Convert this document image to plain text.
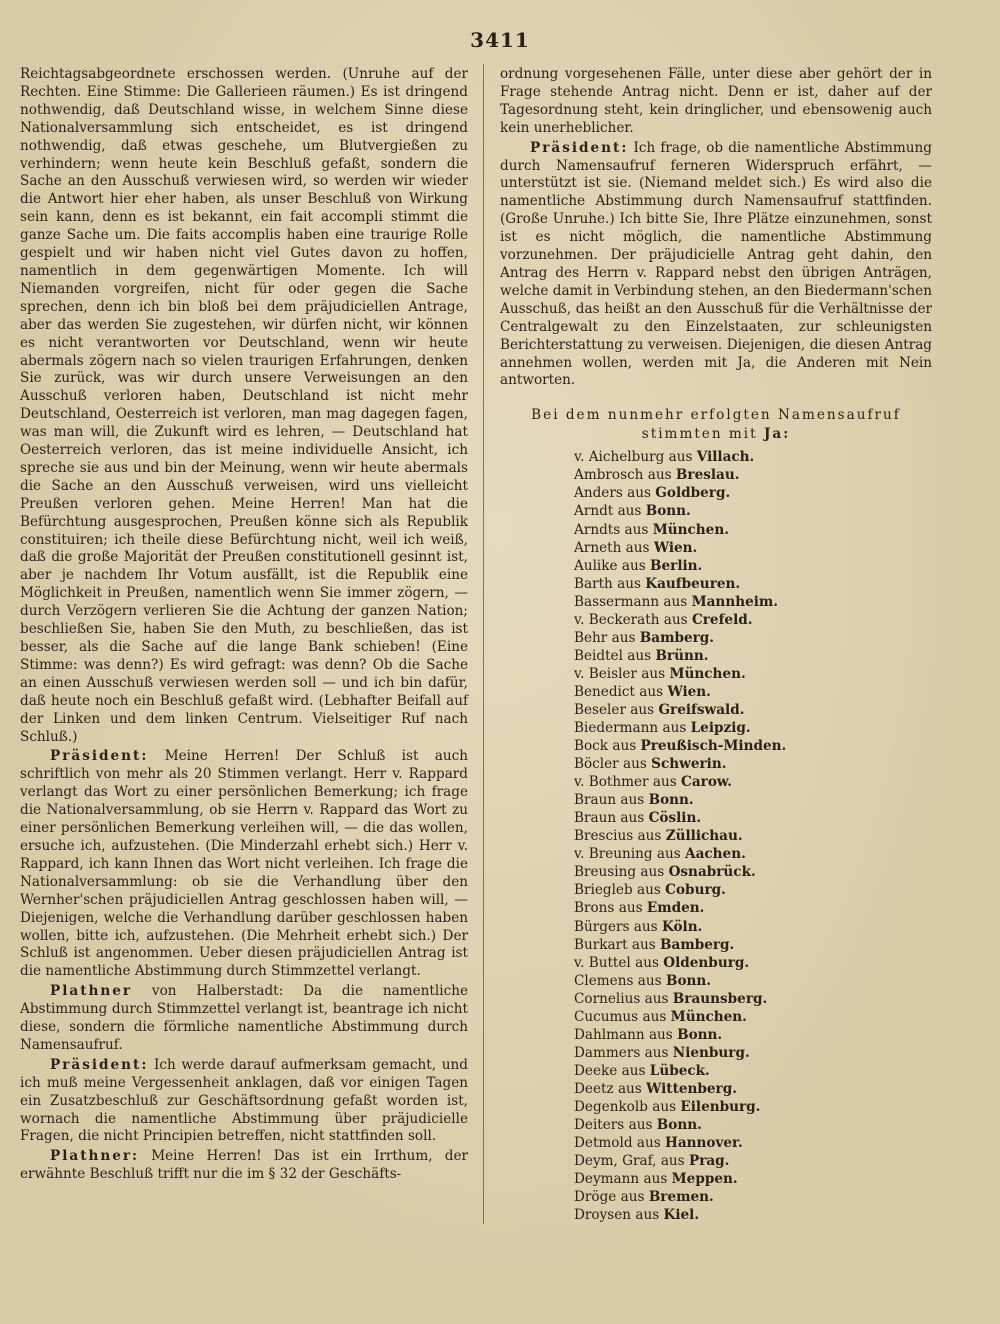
3411

Reichtagsabgeordnete erschossen werden. (Unruhe auf der Rechten. Eine Stimme: Die Gallerieen räumen.) Es ist dringend nothwendig, daß Deutschland wisse, in welchem Sinne diese Nationalversammlung sich entscheidet, es ist dringend nothwendig, daß etwas geschehe, um Blutvergießen zu verhindern; wenn heute kein Beschluß gefaßt, sondern die Sache an den Ausschuß verwiesen wird, so werden wir wieder die Antwort hier eher haben, als unser Beschluß von Wirkung sein kann, denn es ist bekannt, ein fait accompli stimmt die ganze Sache um. Die faits accomplis haben eine traurige Rolle gespielt und wir haben nicht viel Gutes davon zu hoffen, namentlich in dem gegenwärtigen Momente. Ich will Niemanden vorgreifen, nicht für oder gegen die Sache sprechen, denn ich bin bloß bei dem präjudiciellen Antrage, aber das werden Sie zugestehen, wir dürfen nicht, wir können es nicht verantworten vor Deutschland, wenn wir heute abermals zögern nach so vielen traurigen Erfahrungen, denken Sie zurück, was wir durch unsere Verweisungen an den Ausschuß verloren haben, Deutschland ist nicht mehr Deutschland, Oesterreich ist verloren, man mag dagegen fagen, was man will, die Zukunft wird es lehren, — Deutschland hat Oesterreich verloren, das ist meine individuelle Ansicht, ich spreche sie aus und bin der Meinung, wenn wir heute abermals die Sache an den Ausschuß verweisen, wird uns vielleicht Preußen verloren gehen. Meine Herren! Man hat die Befürchtung ausgesprochen, Preußen könne sich als Republik constituiren; ich theile diese Befürchtung nicht, weil ich weiß, daß die große Majorität der Preußen constitutionell gesinnt ist, aber je nachdem Ihr Votum ausfällt, ist die Republik eine Möglichkeit in Preußen, namentlich wenn Sie immer zögern, — durch Verzögern verlieren Sie die Achtung der ganzen Nation; beschließen Sie, haben Sie den Muth, zu beschließen, das ist besser, als die Sache auf die lange Bank schieben! (Eine Stimme: was denn?) Es wird gefragt: was denn? Ob die Sache an einen Ausschuß verwiesen werden soll — und ich bin dafür, daß heute noch ein Beschluß gefaßt wird. (Lebhafter Beifall auf der Linken und dem linken Centrum. Vielseitiger Ruf nach Schluß.)

Präsident: Meine Herren! Der Schluß ist auch schriftlich von mehr als 20 Stimmen verlangt. Herr v. Rappard verlangt das Wort zu einer persönlichen Bemerkung; ich frage die Nationalversammlung, ob sie Herrn v. Rappard das Wort zu einer persönlichen Bemerkung verleihen will, — die das wollen, ersuche ich, aufzustehen. (Die Minderzahl erhebt sich.) Herr v. Rappard, ich kann Ihnen das Wort nicht verleihen. Ich frage die Nationalversammlung: ob sie die Verhandlung über den Wernher'schen präjudiciellen Antrag geschlossen haben will, — Diejenigen, welche die Verhandlung darüber geschlossen haben wollen, bitte ich, aufzustehen. (Die Mehrheit erhebt sich.) Der Schluß ist angenommen. Ueber diesen präjudiciellen Antrag ist die namentliche Abstimmung durch Stimmzettel verlangt.

Plathner von Halberstadt: Da die namentliche Abstimmung durch Stimmzettel verlangt ist, beantrage ich nicht diese, sondern die förmliche namentliche Abstimmung durch Namensaufruf.

Präsident: Ich werde darauf aufmerksam gemacht, und ich muß meine Vergessenheit anklagen, daß vor einigen Tagen ein Zusatzbeschluß zur Geschäftsordnung gefaßt worden ist, wornach die namentliche Abstimmung über präjudicielle Fragen, die nicht Principien betreffen, nicht stattfinden soll.

Plathner: Meine Herren! Das ist ein Irrthum, der erwähnte Beschluß trifft nur die im § 32 der Geschäfts-

ordnung vorgesehenen Fälle, unter diese aber gehört der in Frage stehende Antrag nicht. Denn er ist, daher auf der Tagesordnung steht, kein dringlicher, und ebensowenig auch kein unerheblicher.

Präsident: Ich frage, ob die namentliche Abstimmung durch Namensaufruf ferneren Widerspruch erfährt, — unterstützt ist sie. (Niemand meldet sich.) Es wird also die namentliche Abstimmung durch Namensaufruf stattfinden. (Große Unruhe.) Ich bitte Sie, Ihre Plätze einzunehmen, sonst ist es nicht möglich, die namentliche Abstimmung vorzunehmen. Der präjudicielle Antrag geht dahin, den Antrag des Herrn v. Rappard nebst den übrigen Anträgen, welche damit in Verbindung stehen, an den Biedermann'schen Ausschuß, das heißt an den Ausschuß für die Verhältnisse der Centralgewalt zu den Einzelstaaten, zur schleunigsten Berichterstattung zu verweisen. Diejenigen, die diesen Antrag annehmen wollen, werden mit Ja, die Anderen mit Nein antworten.

Bei dem nunmehr erfolgten Namensaufruf
stimmten mit Ja:
v. Aichelburg aus Villach.
Ambrosch aus Breslau.
Anders aus Goldberg.
Arndt aus Bonn.
Arndts aus München.
Arneth aus Wien.
Aulike aus Berlin.
Barth aus Kaufbeuren.
Bassermann aus Mannheim.
v. Beckerath aus Crefeld.
Behr aus Bamberg.
Beidtel aus Brünn.
v. Beisler aus München.
Benedict aus Wien.
Beseler aus Greifswald.
Biedermann aus Leipzig.
Bock aus Preußisch-Minden.
Böcler aus Schwerin.
v. Bothmer aus Carow.
Braun aus Bonn.
Braun aus Cöslin.
Brescius aus Züllichau.
v. Breuning aus Aachen.
Breusing aus Osnabrück.
Briegleb aus Coburg.
Brons aus Emden.
Bürgers aus Köln.
Burkart aus Bamberg.
v. Buttel aus Oldenburg.
Clemens aus Bonn.
Cornelius aus Braunsberg.
Cucumus aus München.
Dahlmann aus Bonn.
Dammers aus Nienburg.
Deeke aus Lübeck.
Deetz aus Wittenberg.
Degenkolb aus Eilenburg.
Deiters aus Bonn.
Detmold aus Hannover.
Deym, Graf, aus Prag.
Deymann aus Meppen.
Dröge aus Bremen.
Droysen aus Kiel.
